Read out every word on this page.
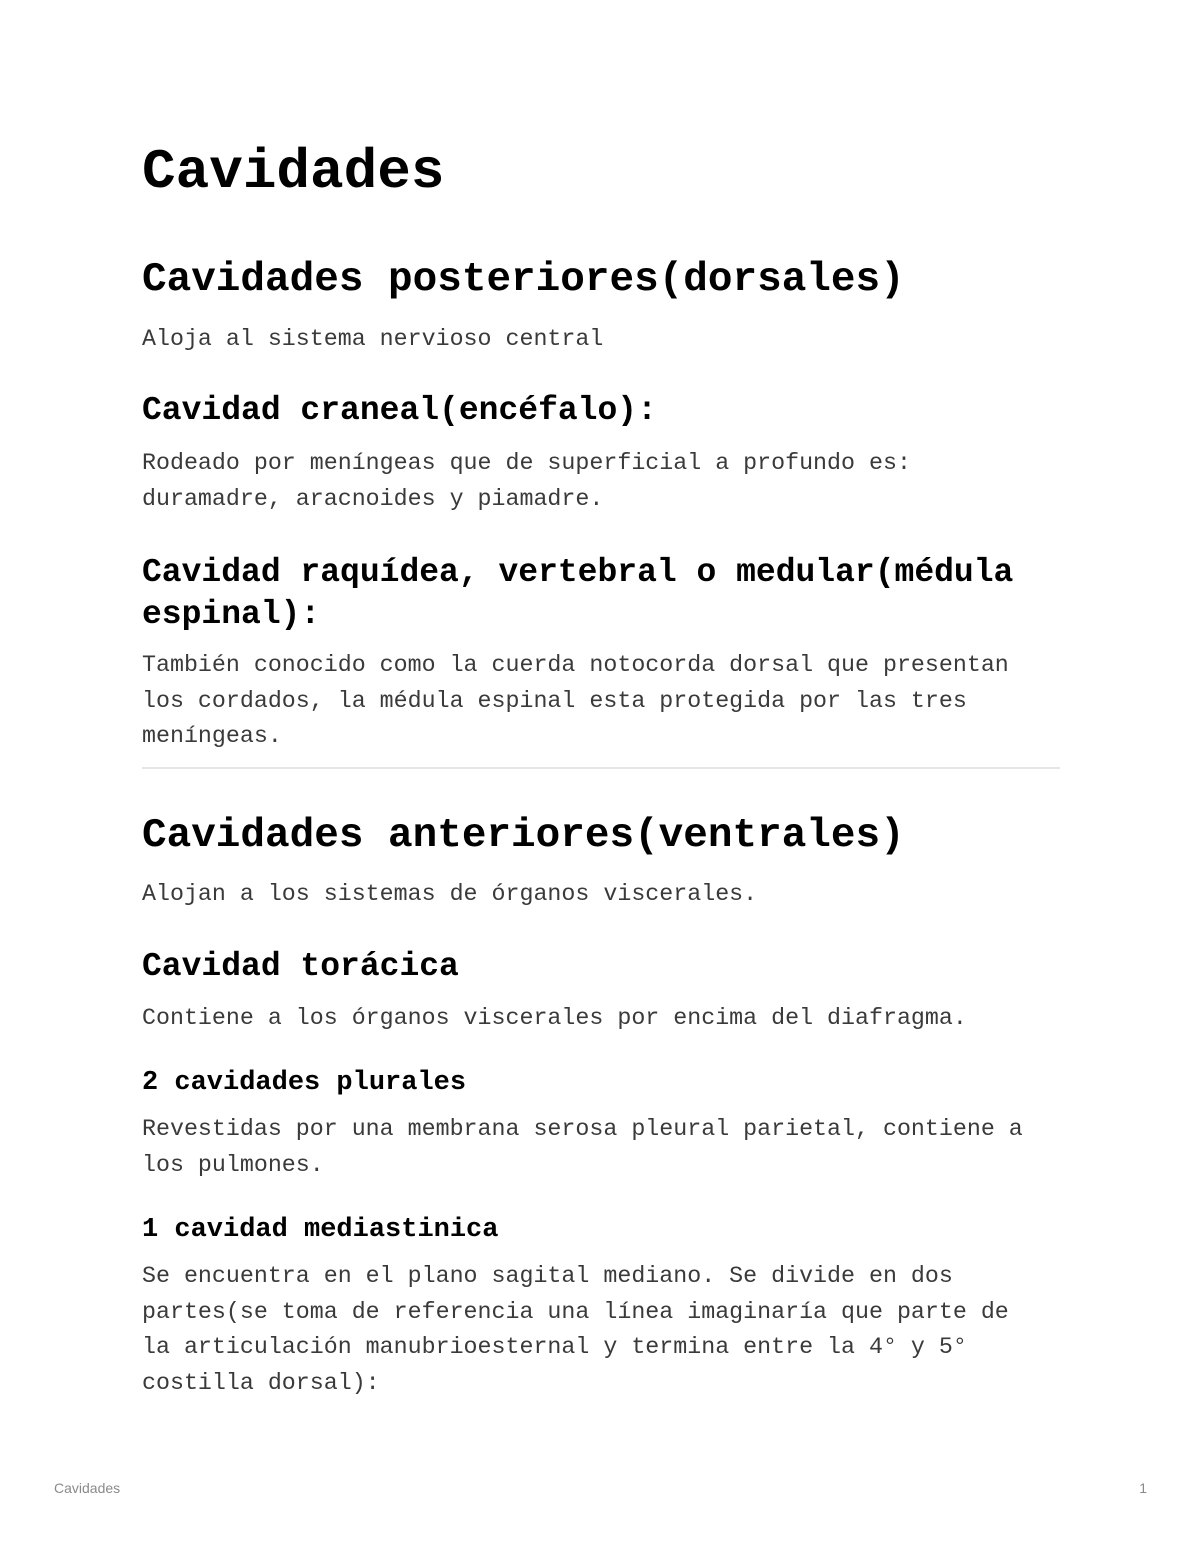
Cavidades
Cavidades posteriores(dorsales)

Aloja al sistema nervioso central

Cavidad craneal(encéfalo):

Rodeado por meníngeas que de superficial a profundo es:
duramadre, aracnoides y piamadre.

Cavidad raquídea, vertebral o medular(médula
espinal):

También conocido como la cuerda notocorda dorsal que presentan
los cordados, la médula espinal esta protegida por las tres
meníngeas.

Cavidades anteriores(ventrales)

Alojan a los sistemas de órganos viscerales.

Cavidad torácica

Contiene a los órganos viscerales por encima del diafragma.

2 cavidades plurales

Revestidas por una membrana serosa pleural parietal, contiene a
los pulmones.

1 cavidad mediastinica

Se encuentra en el plano sagital mediano. Se divide en dos
partes(se toma de referencia una línea imaginaría que parte de
la articulación manubrioesternal y termina entre la 4° y 5°
costilla dorsal):

Cavidades	1
